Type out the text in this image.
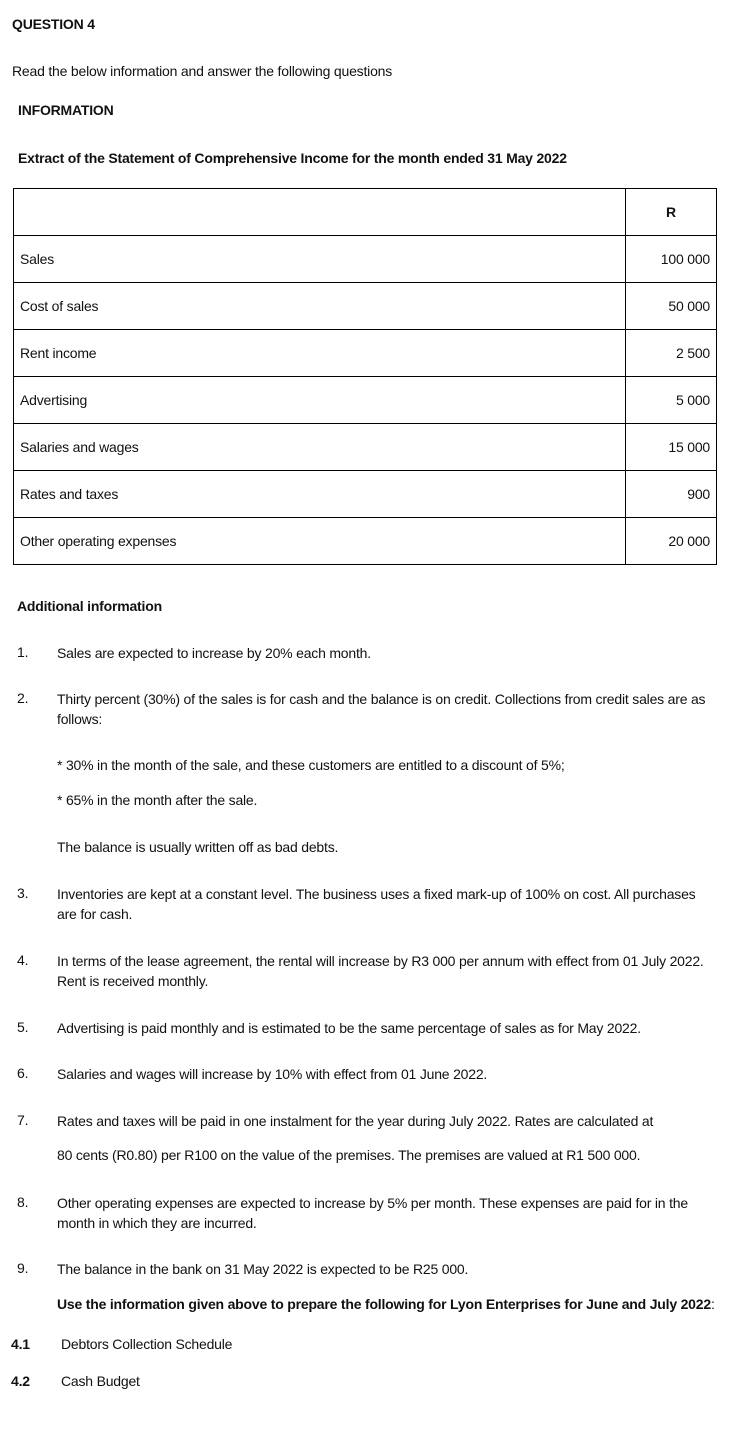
QUESTION 4
Read the below information and answer the following questions
INFORMATION
Extract of the Statement of Comprehensive Income for the month ended 31 May 2022
	R
Sales	100 000
Cost of sales	50 000
Rent income	2 500
Advertising	5 000
Salaries and wages	15 000
Rates and taxes	900
Other operating expenses	20 000
Additional information
1.	Sales are expected to increase by 20% each month.
2.	Thirty percent (30%) of the sales is for cash and the balance is on credit. Collections from credit sales are as follows:
* 30% in the month of the sale, and these customers are entitled to a discount of 5%;
* 65% in the month after the sale.
The balance is usually written off as bad debts.
3.	Inventories are kept at a constant level. The business uses a fixed mark-up of 100% on cost. All purchases are for cash.
4.	In terms of the lease agreement, the rental will increase by R3 000 per annum with effect from 01 July 2022. Rent is received monthly.
5.	Advertising is paid monthly and is estimated to be the same percentage of sales as for May 2022.
6.	Salaries and wages will increase by 10% with effect from 01 June 2022.
7.	Rates and taxes will be paid in one instalment for the year during July 2022. Rates are calculated at
80 cents (R0.80) per R100 on the value of the premises. The premises are valued at R1 500 000.
8.	Other operating expenses are expected to increase by 5% per month. These expenses are paid for in the month in which they are incurred.
9.	The balance in the bank on 31 May 2022 is expected to be R25 000.
Use the information given above to prepare the following for Lyon Enterprises for June and July 2022:
4.1 Debtors Collection Schedule
4.2 Cash Budget
